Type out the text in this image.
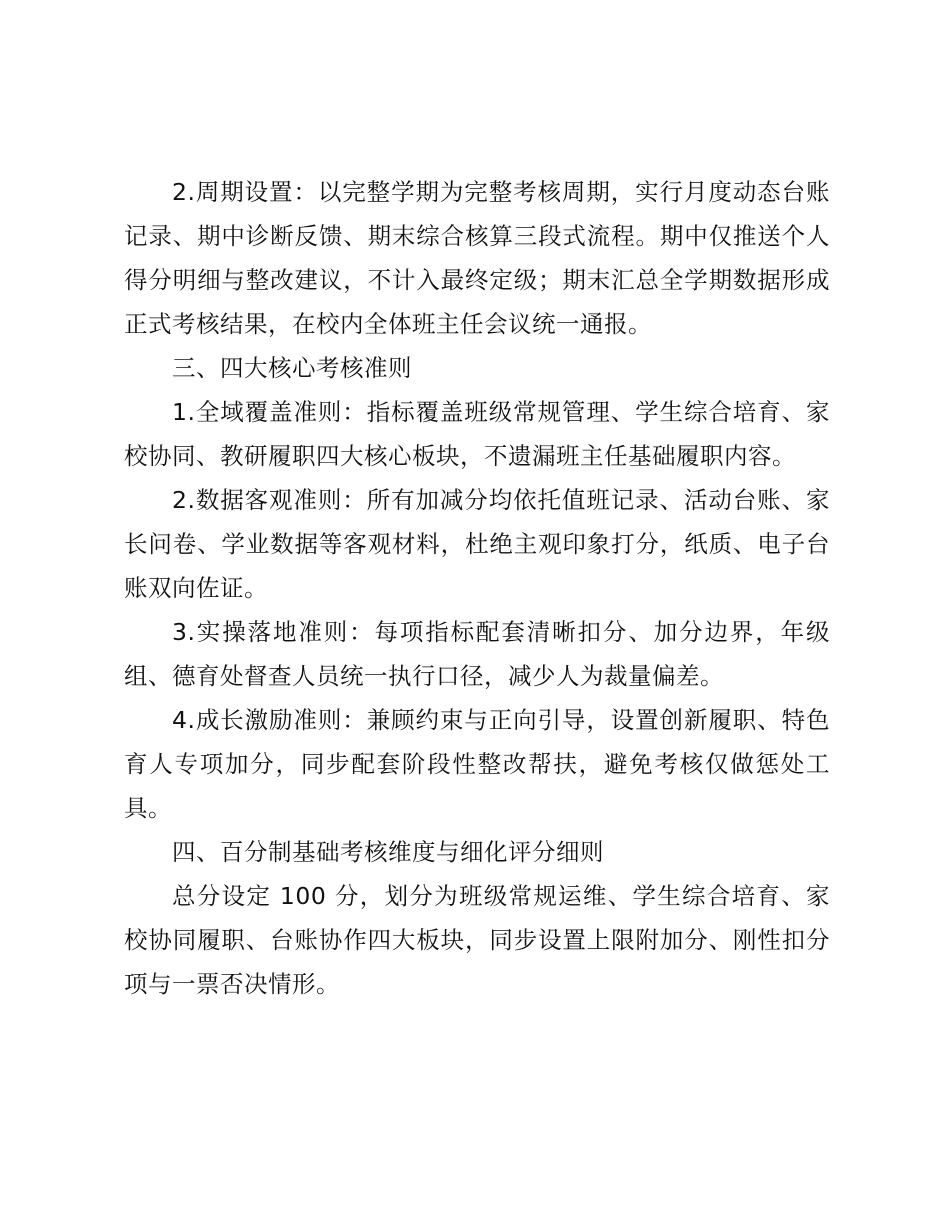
2.周期设置：以完整学期为完整考核周期，实行月度动态台账记录、期中诊断反馈、期末综合核算三段式流程。期中仅推送个人得分明细与整改建议，不计入最终定级；期末汇总全学期数据形成正式考核结果，在校内全体班主任会议统一通报。

三、四大核心考核准则

1.全域覆盖准则：指标覆盖班级常规管理、学生综合培育、家校协同、教研履职四大核心板块，不遗漏班主任基础履职内容。

2.数据客观准则：所有加减分均依托值班记录、活动台账、家长问卷、学业数据等客观材料，杜绝主观印象打分，纸质、电子台账双向佐证。

3.实操落地准则：每项指标配套清晰扣分、加分边界，年级组、德育处督查人员统一执行口径，减少人为裁量偏差。

4.成长激励准则：兼顾约束与正向引导，设置创新履职、特色育人专项加分，同步配套阶段性整改帮扶，避免考核仅做惩处工具。

四、百分制基础考核维度与细化评分细则

总分设定 100 分，划分为班级常规运维、学生综合培育、家校协同履职、台账协作四大板块，同步设置上限附加分、刚性扣分项与一票否决情形。
